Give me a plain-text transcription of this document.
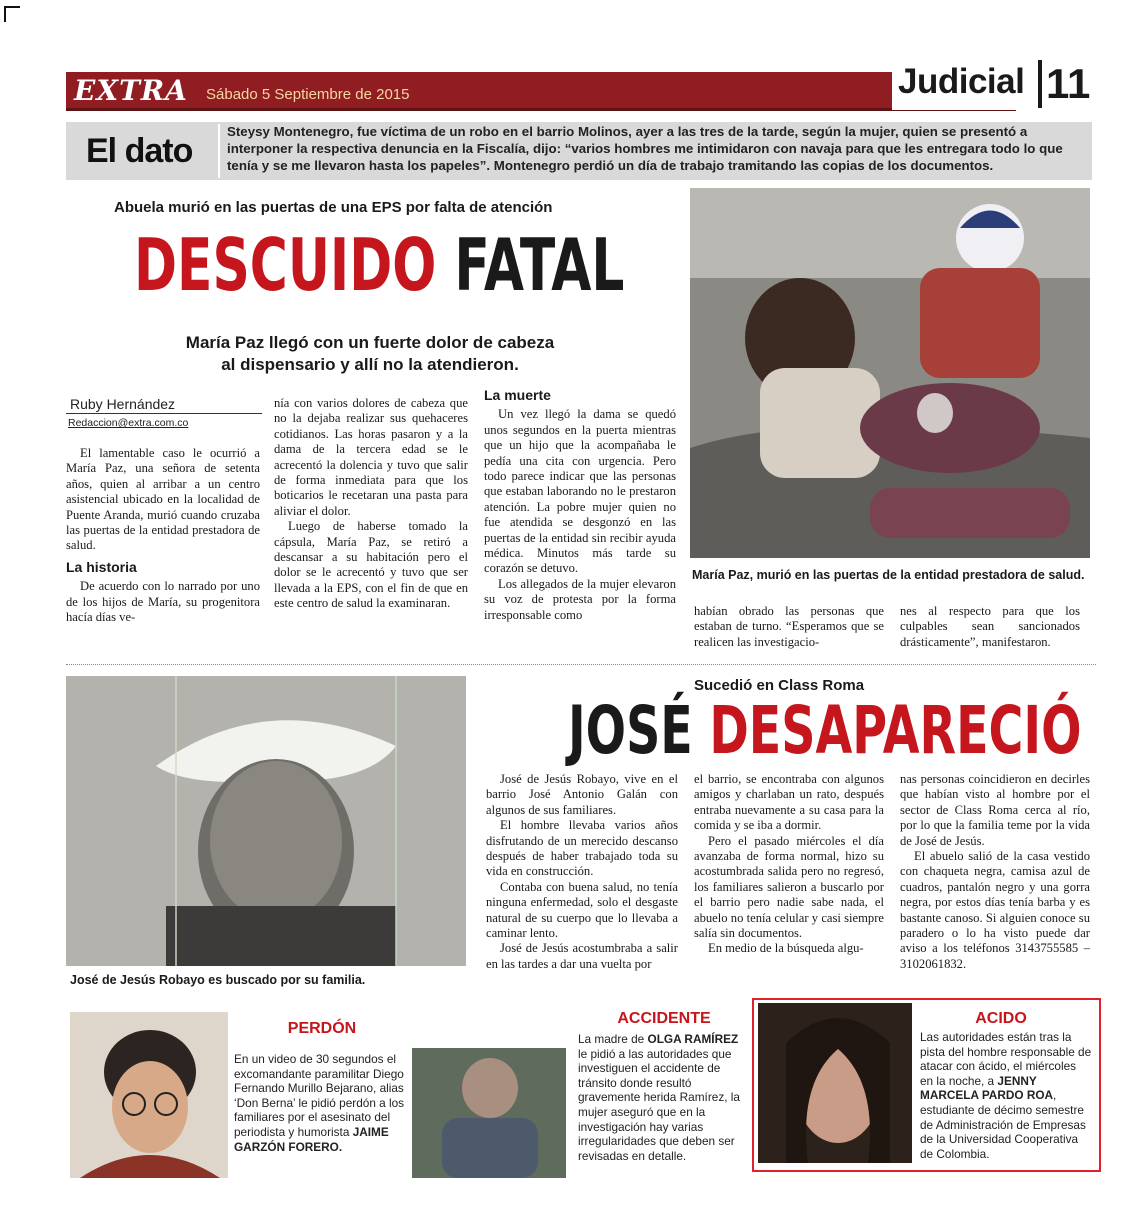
EXTRA Sábado 5 Septiembre de 2015	Judicial 11
El dato
Steysy Montenegro, fue víctima de un robo en el barrio Molinos, ayer a las tres de la tarde, según la mujer, quien se presentó a interponer la respectiva denuncia en la Fiscalía, dijo: “varios hombres me intimidaron con navaja para que les entregara todo lo que tenía y se me llevaron hasta los papeles”. Montenegro perdió un día de trabajo tramitando las copias de los documentos.
Abuela murió en las puertas de una EPS por falta de atención
DESCUIDO FATAL
María Paz llegó con un fuerte dolor de cabeza
al dispensario y allí no la atendieron.
Ruby Hernández
Redaccion@extra.com.co

El lamentable caso le ocurrió a María Paz, una señora de setenta años, quien al arribar a un centro asistencial ubicado en la localidad de Puente Aranda, murió cuando cruzaba las puertas de la entidad prestadora de salud.

La historia

De acuerdo con lo narrado por uno de los hijos de María, su progenitora hacía días ve-

nía con varios dolores de cabeza que no la dejaba realizar sus quehaceres cotidianos. Las horas pasaron y a la dama de la tercera edad se le acrecentó la dolencia y tuvo que salir de forma inmediata para que los boticarios le recetaran una pasta para aliviar el dolor.

Luego de haberse tomado la cápsula, María Paz, se retiró a descansar a su habitación pero el dolor se le acrecentó y tuvo que ser llevada a la EPS, con el fin de que en este centro de salud la examinaran.

La muerte

Un vez llegó la dama se quedó unos segundos en la puerta mientras que un hijo que la acompañaba le pedía una cita con urgencia. Pero todo parece indicar que las personas que estaban laborando no le prestaron atención. La pobre mujer quien no fue atendida se desgonzó en las puertas de la entidad sin recibir ayuda médica. Minutos más tarde su corazón se detuvo.

Los allegados de la mujer elevaron su voz de protesta por la forma irresponsable como	habían obrado las personas que estaban de turno. “Esperamos que se realicen las investigacio-

nes al respecto para que los culpables sean sancionados drásticamente”, manifestaron.

María Paz, murió en las puertas de la entidad prestadora de salud.
José de Jesús Robayo es buscado por su familia.
Sucedió en Class Roma
JOSÉ DESAPARECIÓ

José de Jesús Robayo, vive en el barrio José Antonio Galán con algunos de sus familiares.

El hombre llevaba varios años disfrutando de un merecido descanso después de haber trabajado toda su vida en construcción.

Contaba con buena salud, no tenía ninguna enfermedad, solo el desgaste natural de su cuerpo que lo llevaba a caminar lento.

José de Jesús acostumbraba a salir en las tardes a dar una vuelta por

el barrio, se encontraba con algunos amigos y charlaban un rato, después entraba nuevamente a su casa para la comida y se iba a dormir.

Pero el pasado miércoles el día avanzaba de forma normal, hizo su acostumbrada salida pero no regresó, los familiares salieron a buscarlo por el barrio pero nadie sabe nada, el abuelo no tenía celular y casi siempre salía sin documentos.

En medio de la búsqueda algu-

nas personas coincidieron en decirles que habían visto al hombre por el sector de Class Roma cerca al río, por lo que la familia teme por la vida de José de Jesús.

El abuelo salió de la casa vestido con chaqueta negra, camisa azul de cuadros, pantalón negro y una gorra negra, por estos días tenía barba y es bastante canoso. Si alguien conoce su paradero o lo ha visto puede dar aviso a los teléfonos 3143755585 – 3102061832.

PERDÓN
En un video de 30 segundos el excomandante paramilitar Diego Fernando Murillo Bejarano, alias ‘Don Berna’ le pidió perdón a los familiares por el asesinato del periodista y humorista JAIME GARZÓN FORERO.
ACCIDENTE
La madre de OLGA RAMÍREZ le pidió a las autoridades que investiguen el accidente de tránsito donde resultó gravemente herida Ramírez, la mujer aseguró que en la investigación hay varias irregularidades que deben ser revisadas en detalle.
ACIDO
Las autoridades están tras la pista del hombre responsable de atacar con ácido, el miércoles en la noche, a JENNY MARCELA PARDO ROA, estudiante de décimo semestre de Administración de Empresas de la Universidad Cooperativa de Colombia.
